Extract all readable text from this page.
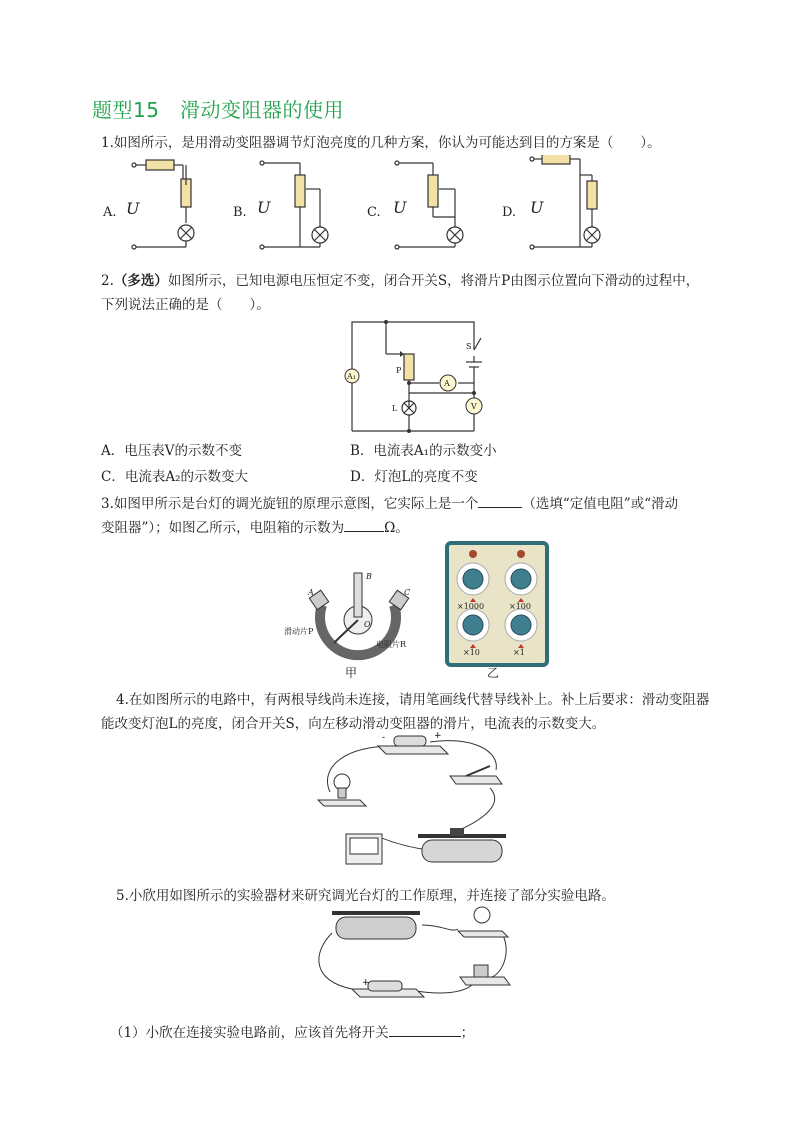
题型15　滑动变阻器的使用
1.如图所示，是用滑动变阻器调节灯泡亮度的几种方案，你认为可能达到目的方案是（　　）。
A. U	B. U	C. U	D. U
2.（多选）如图所示，已知电源电压恒定不变，闭合开关S，将滑片P由图示位置向下滑动的过程中，
下列说法正确的是（　　）。
A₁
A
V
S
P
L
A．电压表V的示数不变	B．电流表A₁的示数变小
C．电流表A₂的示数变大	D．灯泡L的亮度不变
3.如图甲所示是台灯的调光旋钮的原理示意图，它实际上是一个	（选填“定值电阻”或“滑动
变阻器”）；如图乙所示，电阻箱的示数为	Ω。
A
B
C
O
滑动片P
电阻片R
甲
×1000	×100
×10	×1
乙
4.在如图所示的电路中，有两根导线尚未连接，请用笔画线代替导线补上。补上后要求：滑动变阻器
能改变灯泡L的亮度，闭合开关S，向左移动滑动变阻器的滑片，电流表的示数变大。
-	+
5.小欣用如图所示的实验器材来研究调光台灯的工作原理，并连接了部分实验电路。
+
（1）小欣在连接实验电路前，应该首先将开关	；
